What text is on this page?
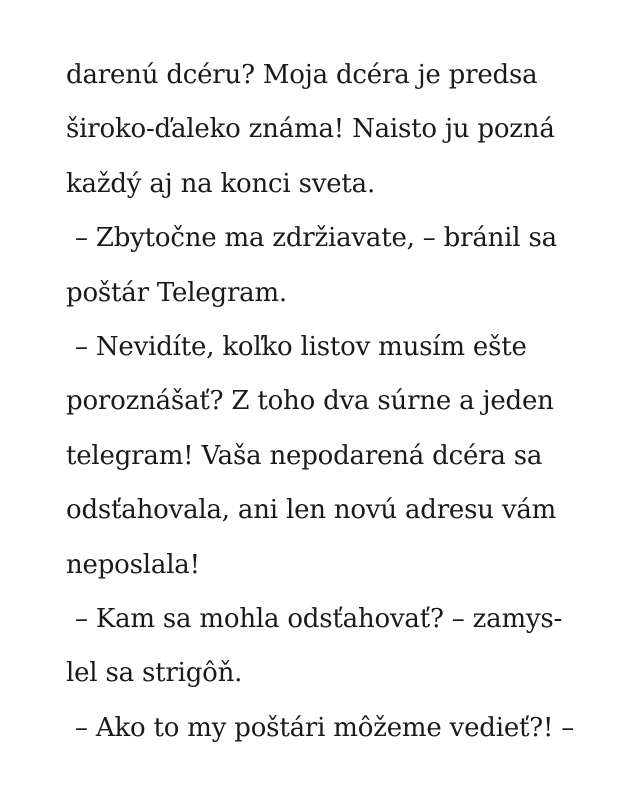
darenú dcéru? Moja dcéra je predsa
široko-ďaleko známa! Naisto ju pozná
každý aj na konci sveta.
– Zbytočne ma zdržiavate, – bránil sa
poštár Telegram.
– Nevidíte, koľko listov musím ešte
poroznášať? Z toho dva súrne a jeden
telegram! Vaša nepodarená dcéra sa
odsťahovala, ani len novú adresu vám
neposlala!
– Kam sa mohla odsťahovať? – zamys-
lel sa strigôň.
– Ako to my poštári môžeme vedieť?! –
